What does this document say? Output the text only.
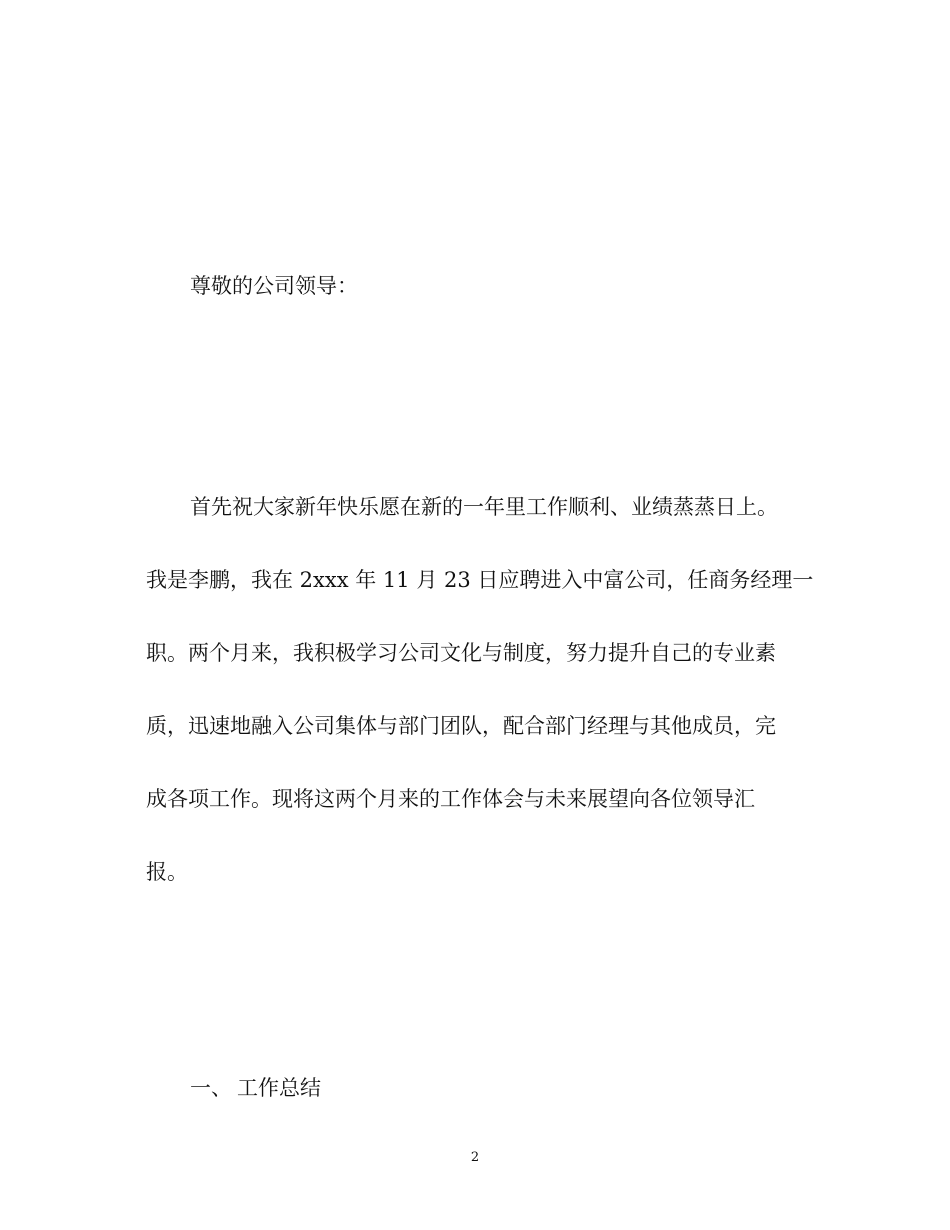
尊敬的公司领导：
首先祝大家新年快乐愿在新的一年里工作顺利、业绩蒸蒸日上。
我是李鹏，我在 2xxx 年 11 月 23 日应聘进入中富公司，任商务经理一
职。两个月来，我积极学习公司文化与制度，努力提升自己的专业素
质，迅速地融入公司集体与部门团队，配合部门经理与其他成员，完
成各项工作。现将这两个月来的工作体会与未来展望向各位领导汇
报。
一、 工作总结
2
